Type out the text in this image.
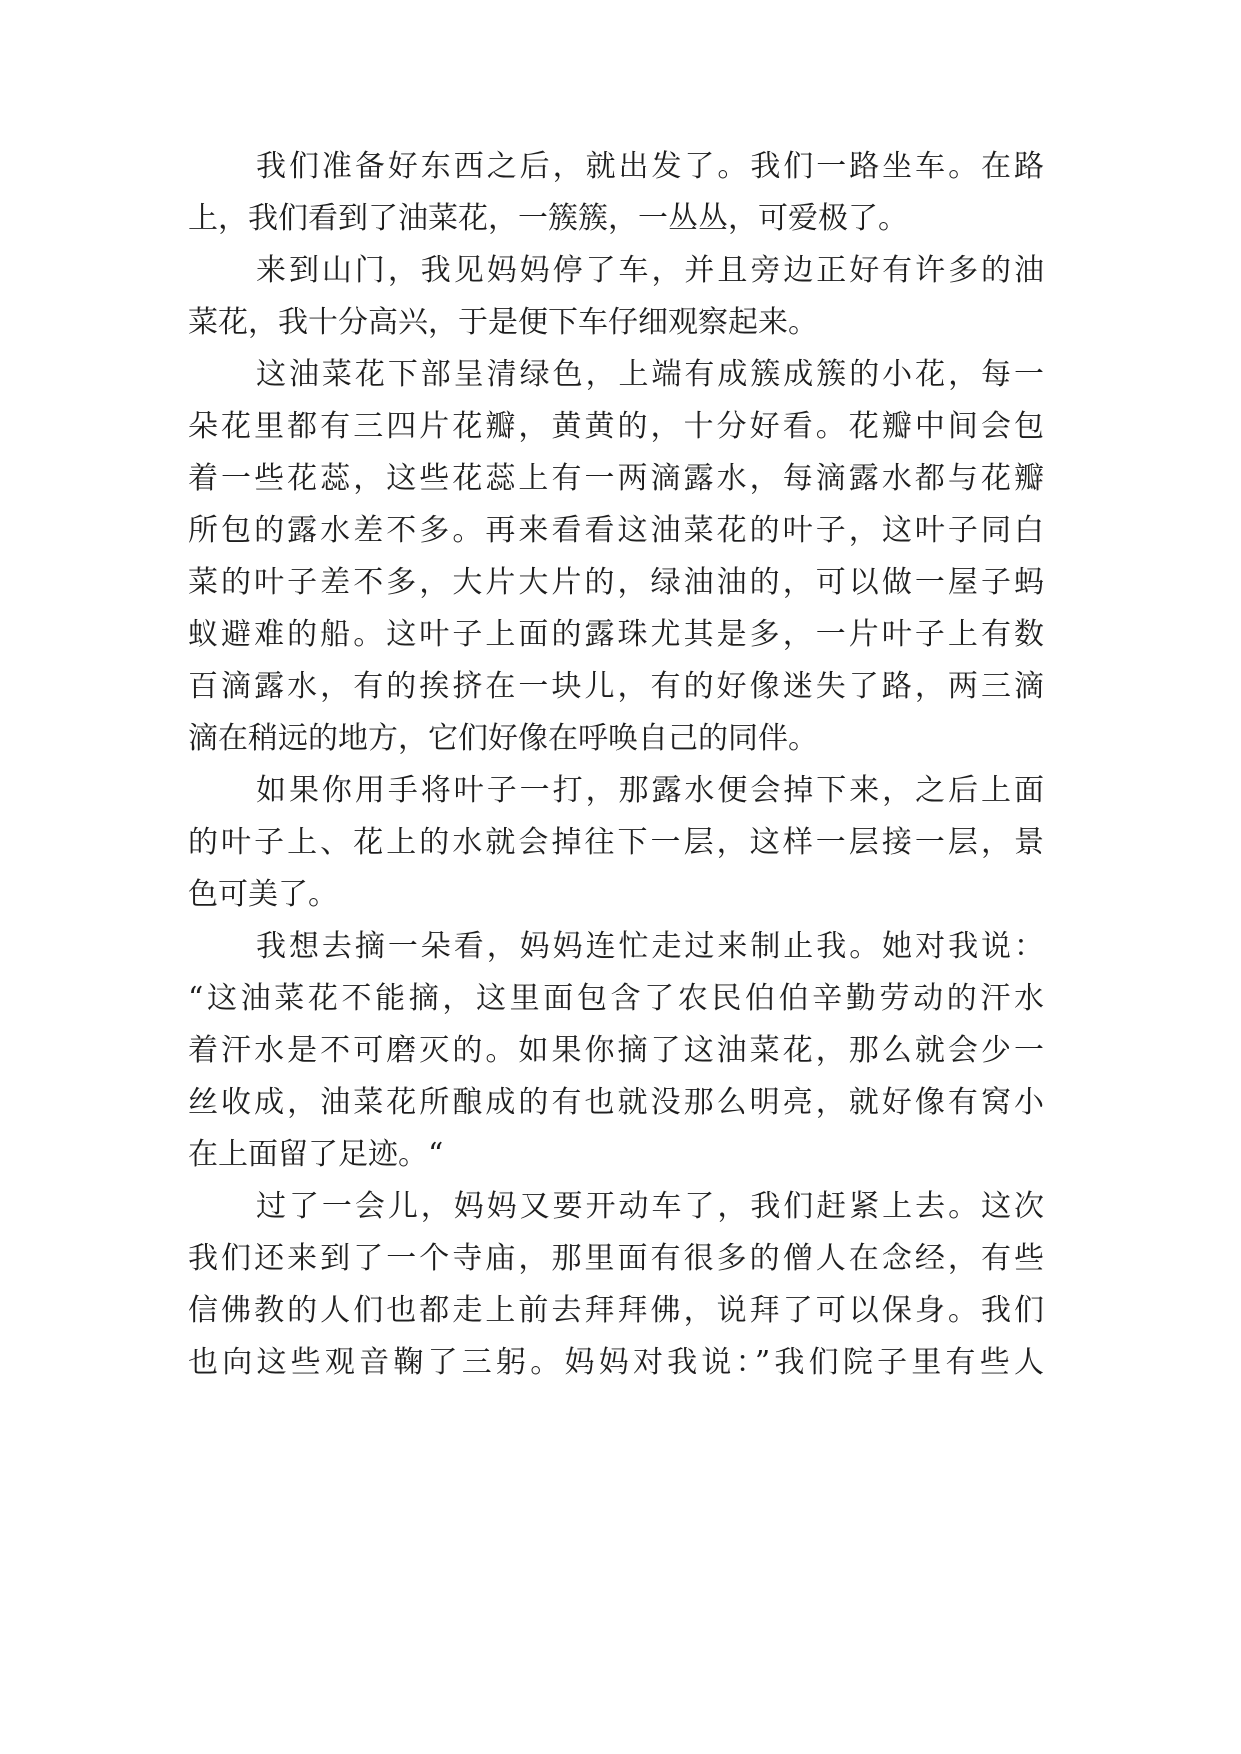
我们准备好东西之后，就出发了。我们一路坐车。在路
上，我们看到了油菜花，一簇簇，一丛丛，可爱极了。
来到山门，我见妈妈停了车，并且旁边正好有许多的油
菜花，我十分高兴，于是便下车仔细观察起来。
这油菜花下部呈清绿色，上端有成簇成簇的小花，每一
朵花里都有三四片花瓣，黄黄的，十分好看。花瓣中间会包
着一些花蕊，这些花蕊上有一两滴露水，每滴露水都与花瓣
所包的露水差不多。再来看看这油菜花的叶子，这叶子同白
菜的叶子差不多，大片大片的，绿油油的，可以做一屋子蚂
蚁避难的船。这叶子上面的露珠尤其是多，一片叶子上有数
百滴露水，有的挨挤在一块儿，有的好像迷失了路，两三滴
滴在稍远的地方，它们好像在呼唤自己的同伴。
如果你用手将叶子一打，那露水便会掉下来，之后上面
的叶子上、花上的水就会掉往下一层，这样一层接一层，景
色可美了。
我想去摘一朵看，妈妈连忙走过来制止我。她对我说：
“这油菜花不能摘，这里面包含了农民伯伯辛勤劳动的汗水
着汗水是不可磨灭的。如果你摘了这油菜花，那么就会少一
丝收成，油菜花所酿成的有也就没那么明亮，就好像有窝小
在上面留了足迹。“
过了一会儿，妈妈又要开动车了，我们赶紧上去。这次
我们还来到了一个寺庙，那里面有很多的僧人在念经，有些
信佛教的人们也都走上前去拜拜佛，说拜了可以保身。我们
也向这些观音鞠了三躬。妈妈对我说：”我们院子里有些人
